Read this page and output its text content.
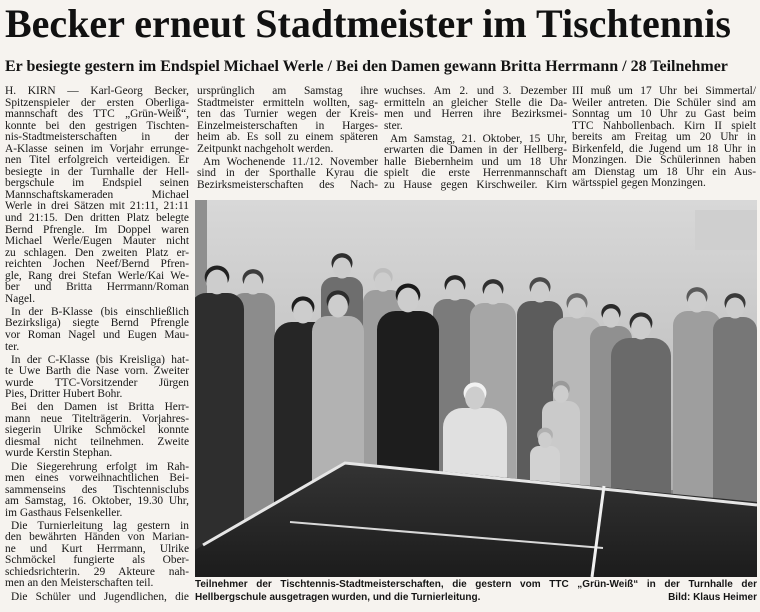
Becker erneut Stadtmeister im Tischtennis
Er besiegte gestern im Endspiel Michael Werle / Bei den Damen gewann Britta Herrmann / 28 Teilnehmer
H. KIRN — Karl-Georg Becker,
Spitzenspieler der ersten Oberliga-
mannschaft des TTC „Grün-Weiß“,
konnte bei den gestrigen Tischten-
nis-Stadtmeisterschaften in der
A-Klasse seinen im Vorjahr errunge-
nen Titel erfolgreich verteidigen. Er
besiegte in der Turnhalle der Hell-
bergschule im Endspiel seinen
Mannschaftskameraden Michael
Werle in drei Sätzen mit 21:11, 21:11
und 21:15. Den dritten Platz belegte
Bernd Pfrengle. Im Doppel waren
Michael Werle/Eugen Mauter nicht
zu schlagen. Den zweiten Platz er-
reichten Jochen Neef/Bernd Pfren-
gle, Rang drei Stefan Werle/Kai We-
ber und Britta Herrmann/Roman
Nagel.
In der B-Klasse (bis einschließlich
Bezirksliga) siegte Bernd Pfrengle
vor Roman Nagel und Eugen Mau-
ter.
In der C-Klasse (bis Kreisliga) hat-
te Uwe Barth die Nase vorn. Zweiter
wurde TTC-Vorsitzender Jürgen
Pies, Dritter Hubert Bohr.
Bei den Damen ist Britta Herr-
mann neue Titelträgerin. Vorjahres-
siegerin Ulrike Schmöckel konnte
diesmal nicht teilnehmen. Zweite
wurde Kerstin Stephan.
Die Siegerehrung erfolgt im Rah-
men eines vorweihnachtlichen Bei-
sammenseins des Tischtennisclubs
am Samstag, 16. Oktober, 19.30 Uhr,
im Gasthaus Felsenkeller.
Die Turnierleitung lag gestern in
den bewährten Händen von Marian-
ne und Kurt Herrmann, Ulrike
Schmöckel fungierte als Ober-
schiedsrichterin. 29 Akteure nah-
men an den Meisterschaften teil.
Die Schüler und Jugendlichen, die
ursprünglich am Samstag ihre
Stadtmeister ermitteln wollten, sag-
ten das Turnier wegen der Kreis-
Einzelmeisterschaften in Harges-
heim ab. Es soll zu einem späteren
Zeitpunkt nachgeholt werden.
Am Wochenende 11./12. November
sind in der Sporthalle Kyrau die
Bezirksmeisterschaften des Nach-
wuchses. Am 2. und 3. Dezember
ermitteln an gleicher Stelle die Da-
men und Herren ihre Bezirksmei-
ster.
Am Samstag, 21. Oktober, 15 Uhr,
erwarten die Damen in der Hellberg-
halle Biebernheim und um 18 Uhr
spielt die erste Herrenmannschaft
zu Hause gegen Kirschweiler. Kirn
III muß um 17 Uhr bei Simmertal/
Weiler antreten. Die Schüler sind am
Sonntag um 10 Uhr zu Gast beim
TTC Nahbollenbach. Kirn II spielt
bereits am Freitag um 20 Uhr in
Birkenfeld, die Jugend um 18 Uhr in
Monzingen. Die Schülerinnen haben
am Dienstag um 18 Uhr ein Aus-
wärtsspiel gegen Monzingen.
Teilnehmer der Tischtennis-Stadtmeisterschaften, die gestern vom TTC „Grün-Weiß“ in der Turnhalle der
Hellbergschule ausgetragen wurden, und die Turnierleitung.	Bild: Klaus Heimer
